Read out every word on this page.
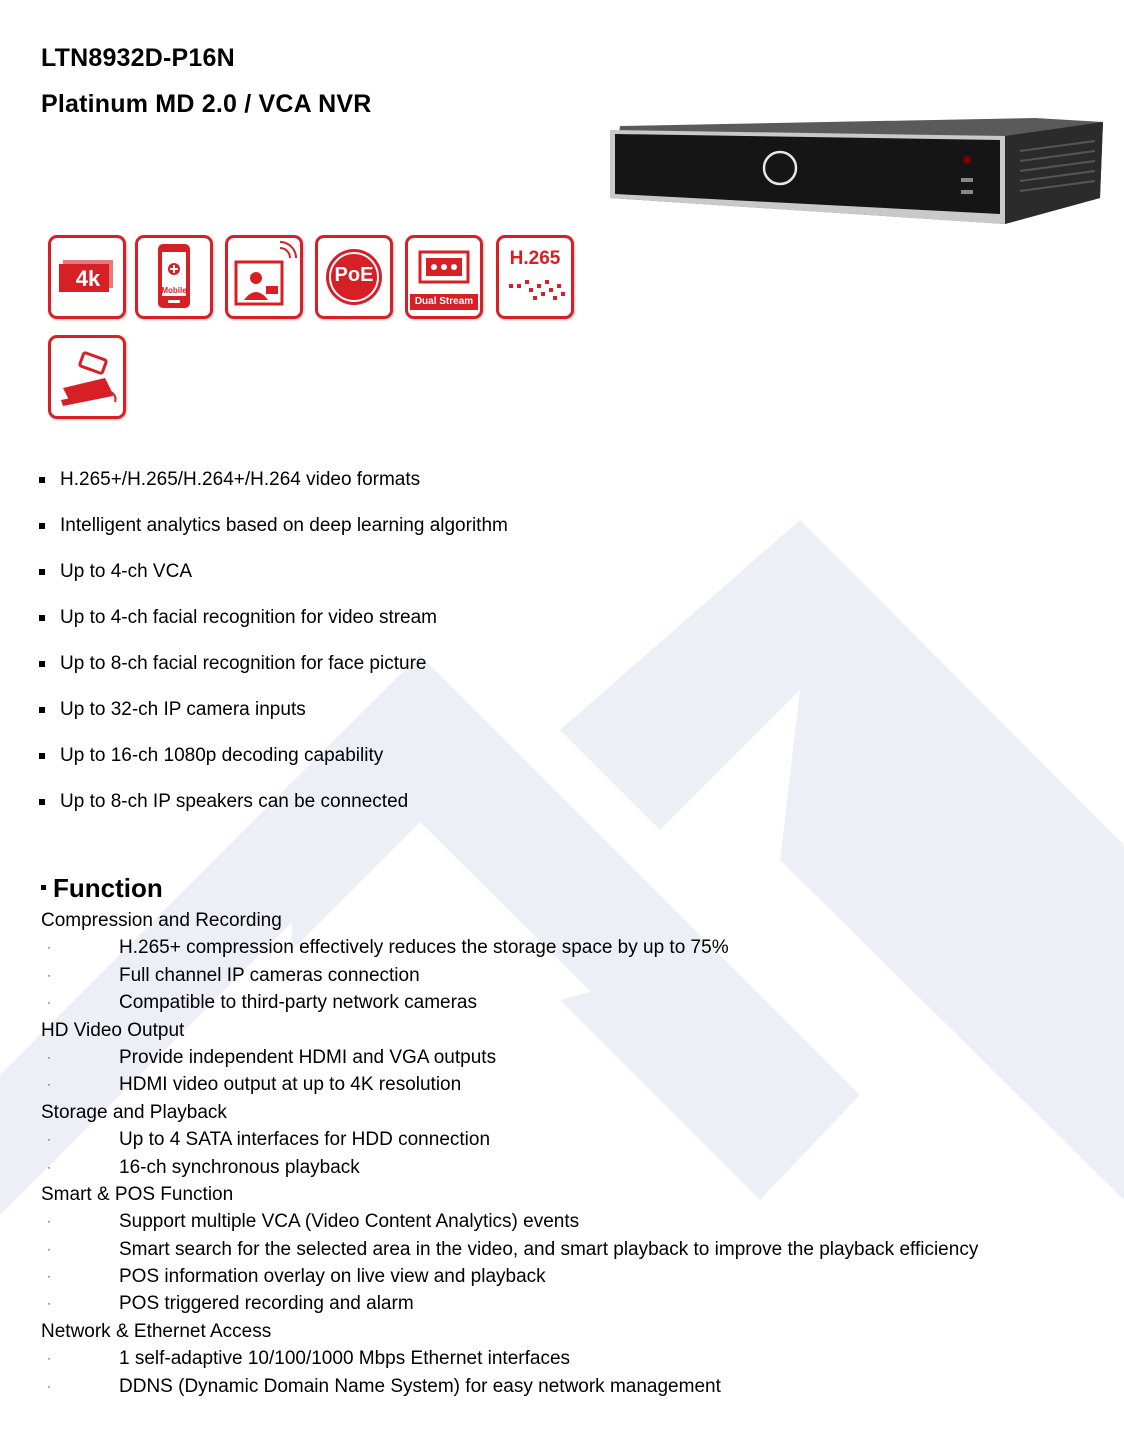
LTN8932D-P16N
Platinum MD 2.0 / VCA NVR
4k	Mobile
PoE
Dual Stream
H.265
H.265+/H.265/H.264+/H.264 video formats
Intelligent analytics based on deep learning algorithm
Up to 4-ch VCA
Up to 4-ch facial recognition for video stream
Up to 8-ch facial recognition for face picture
Up to 32-ch IP camera inputs
Up to 16-ch 1080p decoding capability
Up to 8-ch IP speakers can be connected
Function
Compression and Recording
·	H.265+ compression effectively reduces the storage space by up to 75%
·	Full channel IP cameras connection
·	Compatible to third-party network cameras
HD Video Output
·	Provide independent HDMI and VGA outputs
·	HDMI video output at up to 4K resolution
Storage and Playback
·	Up to 4 SATA interfaces for HDD connection
·	16-ch synchronous playback
Smart & POS Function
·	Support multiple VCA (Video Content Analytics) events
·	Smart search for the selected area in the video, and smart playback to improve the playback efficiency
·	POS information overlay on live view and playback
·	POS triggered recording and alarm
Network & Ethernet Access
·	1 self-adaptive 10/100/1000 Mbps Ethernet interfaces
·	DDNS (Dynamic Domain Name System) for easy network management
